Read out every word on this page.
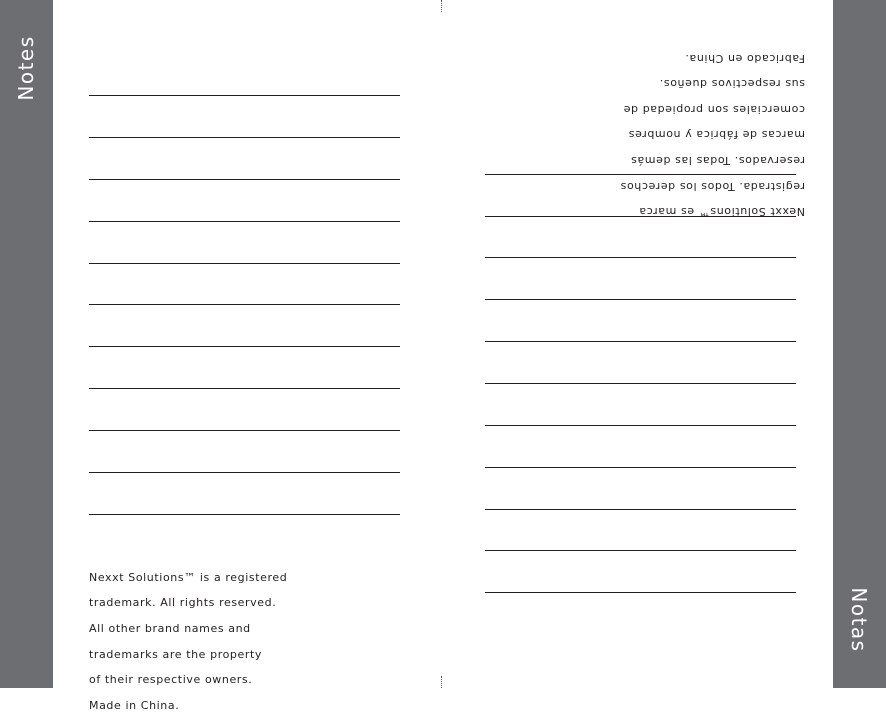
Notes
Notas

Nexxt Solutions™ is a registered

trademark. All rights reserved.

All other brand names and

trademarks are the property

of their respective owners.

Made in China.

Nexxt Solutions™ es marca

registrada. Todos los derechos

reservados. Todas las demás

marcas de fábrica y nombres

comerciales son propiedad de

sus respectivos dueños.

Fabricado en China.
